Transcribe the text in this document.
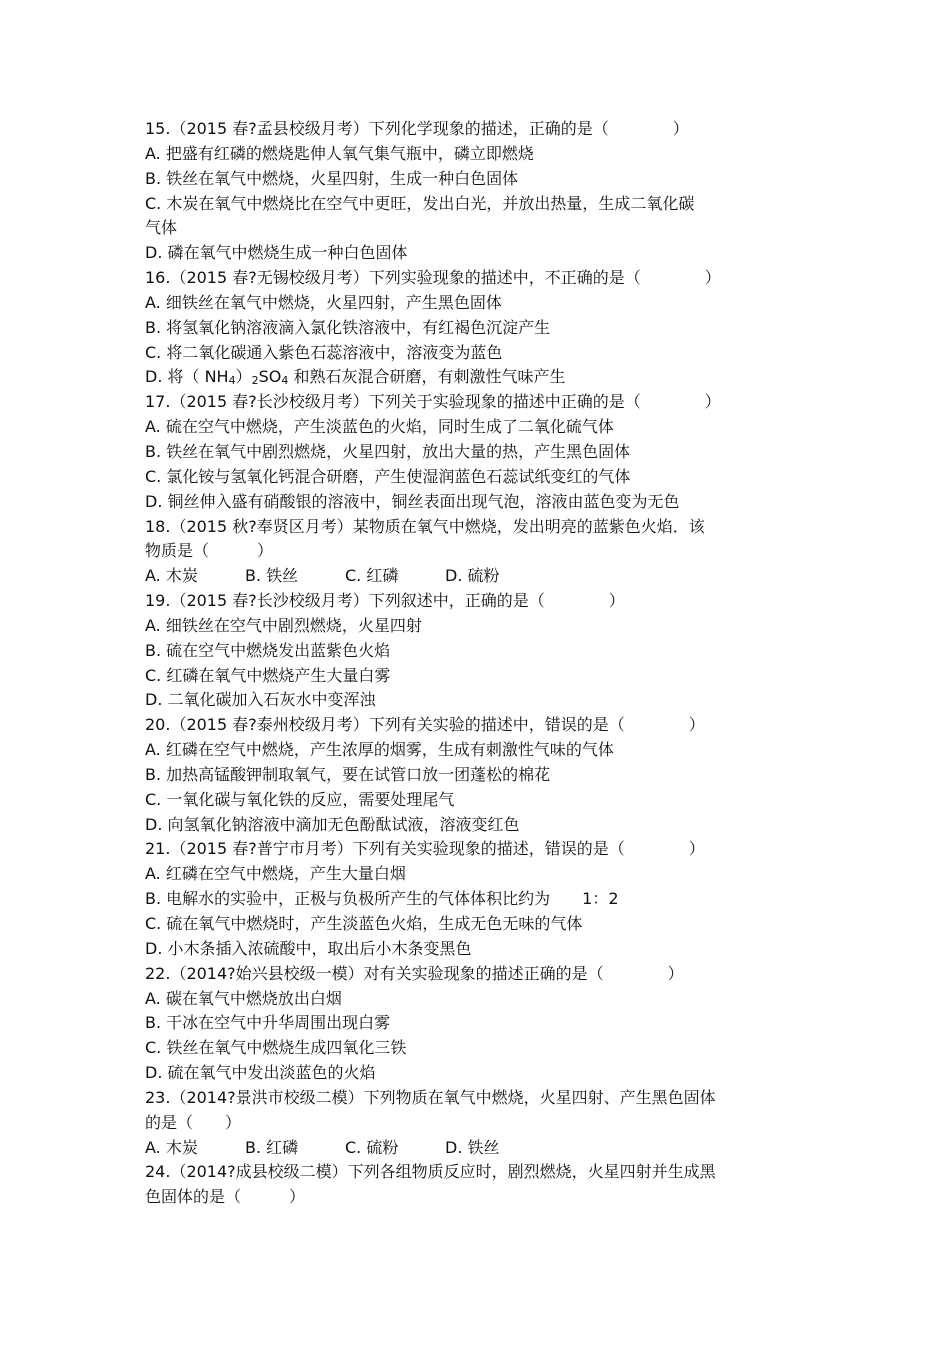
15.（2015 春?孟县校级月考）下列化学现象的描述，正确的是（　　　　）
A. 把盛有红磷的燃烧匙伸人氧气集气瓶中，磷立即燃烧
B. 铁丝在氧气中燃烧，火星四射，生成一种白色固体
C. 木炭在氧气中燃烧比在空气中更旺，发出白光，并放出热量，生成二氧化碳
气体
D. 磷在氧气中燃烧生成一种白色固体
16.（2015 春?无锡校级月考）下列实验现象的描述中，不正确的是（　　　　）
A. 细铁丝在氧气中燃烧，火星四射，产生黑色固体
B. 将氢氧化钠溶液滴入氯化铁溶液中，有红褐色沉淀产生
C. 将二氧化碳通入紫色石蕊溶液中，溶液变为蓝色
D. 将（ NH4）2SO4 和熟石灰混合研磨，有刺激性气味产生
17.（2015 春?长沙校级月考）下列关于实验现象的描述中正确的是（　　　　）
A. 硫在空气中燃烧，产生淡蓝色的火焰，同时生成了二氧化硫气体
B. 铁丝在氧气中剧烈燃烧，火星四射，放出大量的热，产生黑色固体
C. 氯化铵与氢氧化钙混合研磨，产生使湿润蓝色石蕊试纸变红的气体
D. 铜丝伸入盛有硝酸银的溶液中，铜丝表面出现气泡，溶液由蓝色变为无色
18.（2015 秋?奉贤区月考）某物质在氧气中燃烧，发出明亮的蓝紫色火焰．该
物质是（　　　）
A. 木炭	B. 铁丝	C. 红磷	D. 硫粉
19.（2015 春?长沙校级月考）下列叙述中，正确的是（　　　　）
A. 细铁丝在空气中剧烈燃烧，火星四射
B. 硫在空气中燃烧发出蓝紫色火焰
C. 红磷在氧气中燃烧产生大量白雾
D. 二氧化碳加入石灰水中变浑浊
20.（2015 春?泰州校级月考）下列有关实验的描述中，错误的是（　　　　）
A. 红磷在空气中燃烧，产生浓厚的烟雾，生成有刺激性气味的气体
B. 加热高锰酸钾制取氧气，要在试管口放一团蓬松的棉花
C. 一氧化碳与氧化铁的反应，需要处理尾气
D. 向氢氧化钠溶液中滴加无色酚酞试液，溶液变红色
21.（2015 春?普宁市月考）下列有关实验现象的描述，错误的是（　　　　）
A. 红磷在空气中燃烧，产生大量白烟
B. 电解水的实验中，正极与负极所产生的气体体积比约为　　1：2
C. 硫在氧气中燃烧时，产生淡蓝色火焰，生成无色无味的气体
D. 小木条插入浓硫酸中，取出后小木条变黑色
22.（2014?始兴县校级一模）对有关实验现象的描述正确的是（　　　　）
A. 碳在氧气中燃烧放出白烟
B. 干冰在空气中升华周围出现白雾
C. 铁丝在氧气中燃烧生成四氧化三铁
D. 硫在氧气中发出淡蓝色的火焰
23.（2014?景洪市校级二模）下列物质在氧气中燃烧，火星四射、产生黑色固体
的是（　　）
A. 木炭	B. 红磷	C. 硫粉	D. 铁丝
24.（2014?成县校级二模）下列各组物质反应时，剧烈燃烧，火星四射并生成黑
色固体的是（　　　）
